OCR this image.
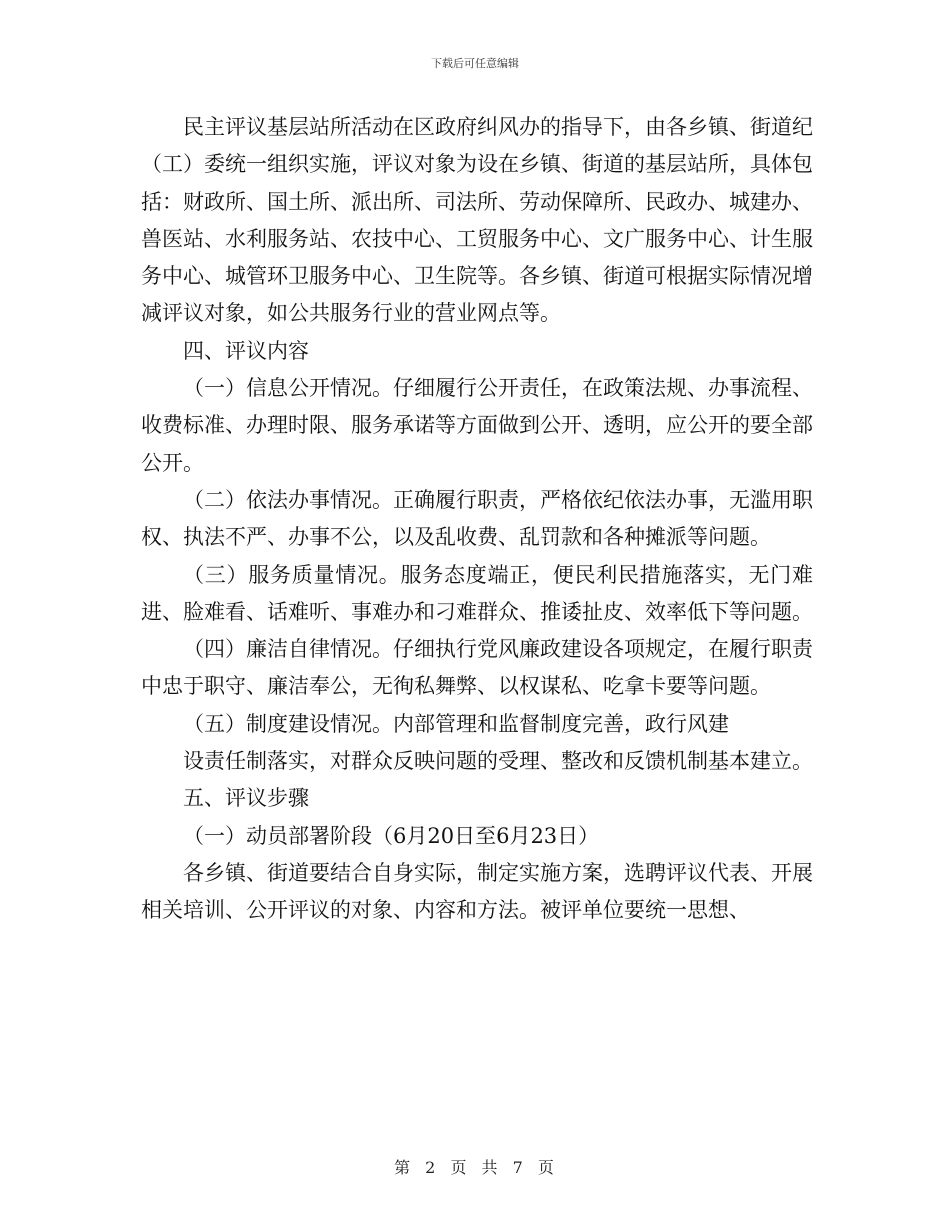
下载后可任意编辑

民主评议基层站所活动在区政府纠风办的指导下，由各乡镇、街道纪（工）委统一组织实施，评议对象为设在乡镇、街道的基层站所，具体包括：财政所、国土所、派出所、司法所、劳动保障所、民政办、城建办、兽医站、水利服务站、农技中心、工贸服务中心、文广服务中心、计生服务中心、城管环卫服务中心、卫生院等。各乡镇、街道可根据实际情况增减评议对象，如公共服务行业的营业网点等。

四、评议内容

（一）信息公开情况。仔细履行公开责任，在政策法规、办事流程、收费标准、办理时限、服务承诺等方面做到公开、透明，应公开的要全部公开。

（二）依法办事情况。正确履行职责，严格依纪依法办事，无滥用职权、执法不严、办事不公，以及乱收费、乱罚款和各种摊派等问题。

（三）服务质量情况。服务态度端正，便民利民措施落实，无门难进、脸难看、话难听、事难办和刁难群众、推诿扯皮、效率低下等问题。

（四）廉洁自律情况。仔细执行党风廉政建设各项规定，在履行职责中忠于职守、廉洁奉公，无徇私舞弊、以权谋私、吃拿卡要等问题。

（五）制度建设情况。内部管理和监督制度完善，政行风建

设责任制落实，对群众反映问题的受理、整改和反馈机制基本建立。

五、评议步骤

（一）动员部署阶段（6月20日至6月23日）

各乡镇、街道要结合自身实际，制定实施方案，选聘评议代表、开展相关培训、公开评议的对象、内容和方法。被评单位要统一思想、

第 2 页 共 7 页
